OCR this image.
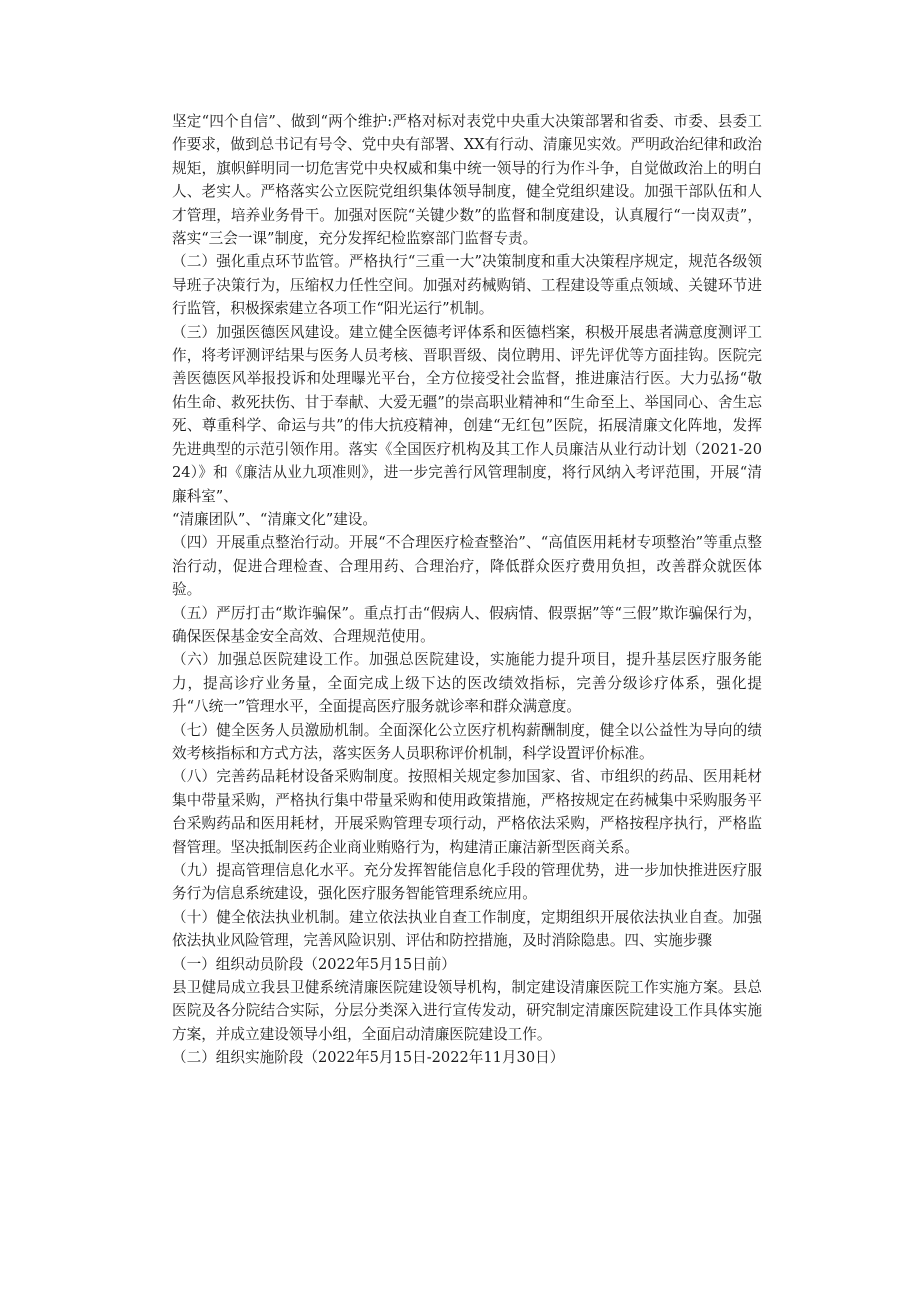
坚定“四个自信”、做到“两个维护:严格对标对表党中央重大决策部署和省委、市委、县委工作要求，做到总书记有号令、党中央有部署、XX有行动、清廉见实效。严明政治纪律和政治规矩，旗帜鲜明同一切危害党中央权威和集中统一领导的行为作斗争，自觉做政治上的明白人、老实人。严格落实公立医院党组织集体领导制度，健全党组织建设。加强干部队伍和人才管理，培养业务骨干。加强对医院“关键少数”的监督和制度建设，认真履行“一岗双责”，落实“三会一课”制度，充分发挥纪检监察部门监督专责。

（二）强化重点环节监管。严格执行“三重一大”决策制度和重大决策程序规定，规范各级领导班子决策行为，压缩权力任性空间。加强对药械购销、工程建设等重点领域、关键环节进行监管，积极探索建立各项工作“阳光运行”机制。

（三）加强医德医风建设。建立健全医德考评体系和医德档案，积极开展患者满意度测评工作，将考评测评结果与医务人员考核、晋职晋级、岗位聘用、评先评优等方面挂钩。医院完善医德医风举报投诉和处理曝光平台，全方位接受社会监督，推进廉洁行医。大力弘扬“敬佑生命、救死扶伤、甘于奉献、大爱无疆”的崇高职业精神和“生命至上、举国同心、舍生忘死、尊重科学、命运与共”的伟大抗疫精神，创建“无红包”医院，拓展清廉文化阵地，发挥先进典型的示范引领作用。落实《全国医疗机构及其工作人员廉洁从业行动计划（2021-2024）》和《廉洁从业九项准则》，进一步完善行风管理制度，将行风纳入考评范围，开展“清廉科室”、

“清廉团队”、“清廉文化”建设。

（四）开展重点整治行动。开展“不合理医疗检查整治”、“高值医用耗材专项整治”等重点整治行动，促进合理检查、合理用药、合理治疗，降低群众医疗费用负担，改善群众就医体验。

（五）严厉打击“欺诈骗保”。重点打击“假病人、假病情、假票据”等“三假”欺诈骗保行为，确保医保基金安全高效、合理规范使用。

（六）加强总医院建设工作。加强总医院建设，实施能力提升项目，提升基层医疗服务能力，提高诊疗业务量，全面完成上级下达的医改绩效指标，完善分级诊疗体系，强化提升“八统一”管理水平，全面提高医疗服务就诊率和群众满意度。

（七）健全医务人员激励机制。全面深化公立医疗机构薪酬制度，健全以公益性为导向的绩效考核指标和方式方法，落实医务人员职称评价机制，科学设置评价标准。

（八）完善药品耗材设备采购制度。按照相关规定参加国家、省、市组织的药品、医用耗材集中带量采购，严格执行集中带量采购和使用政策措施，严格按规定在药械集中采购服务平台采购药品和医用耗材，开展采购管理专项行动，严格依法采购，严格按程序执行，严格监督管理。坚决抵制医药企业商业贿赂行为，构建清正廉洁新型医商关系。

（九）提高管理信息化水平。充分发挥智能信息化手段的管理优势，进一步加快推进医疗服务行为信息系统建设，强化医疗服务智能管理系统应用。

（十）健全依法执业机制。建立依法执业自查工作制度，定期组织开展依法执业自查。加强依法执业风险管理，完善风险识别、评估和防控措施，及时消除隐患。四、实施步骤

（一）组织动员阶段（2022年5月15日前）

县卫健局成立我县卫健系统清廉医院建设领导机构，制定建设清廉医院工作实施方案。县总医院及各分院结合实际，分层分类深入进行宣传发动，研究制定清廉医院建设工作具体实施方案，并成立建设领导小组，全面启动清廉医院建设工作。

（二）组织实施阶段（2022年5月15日-2022年11月30日）
